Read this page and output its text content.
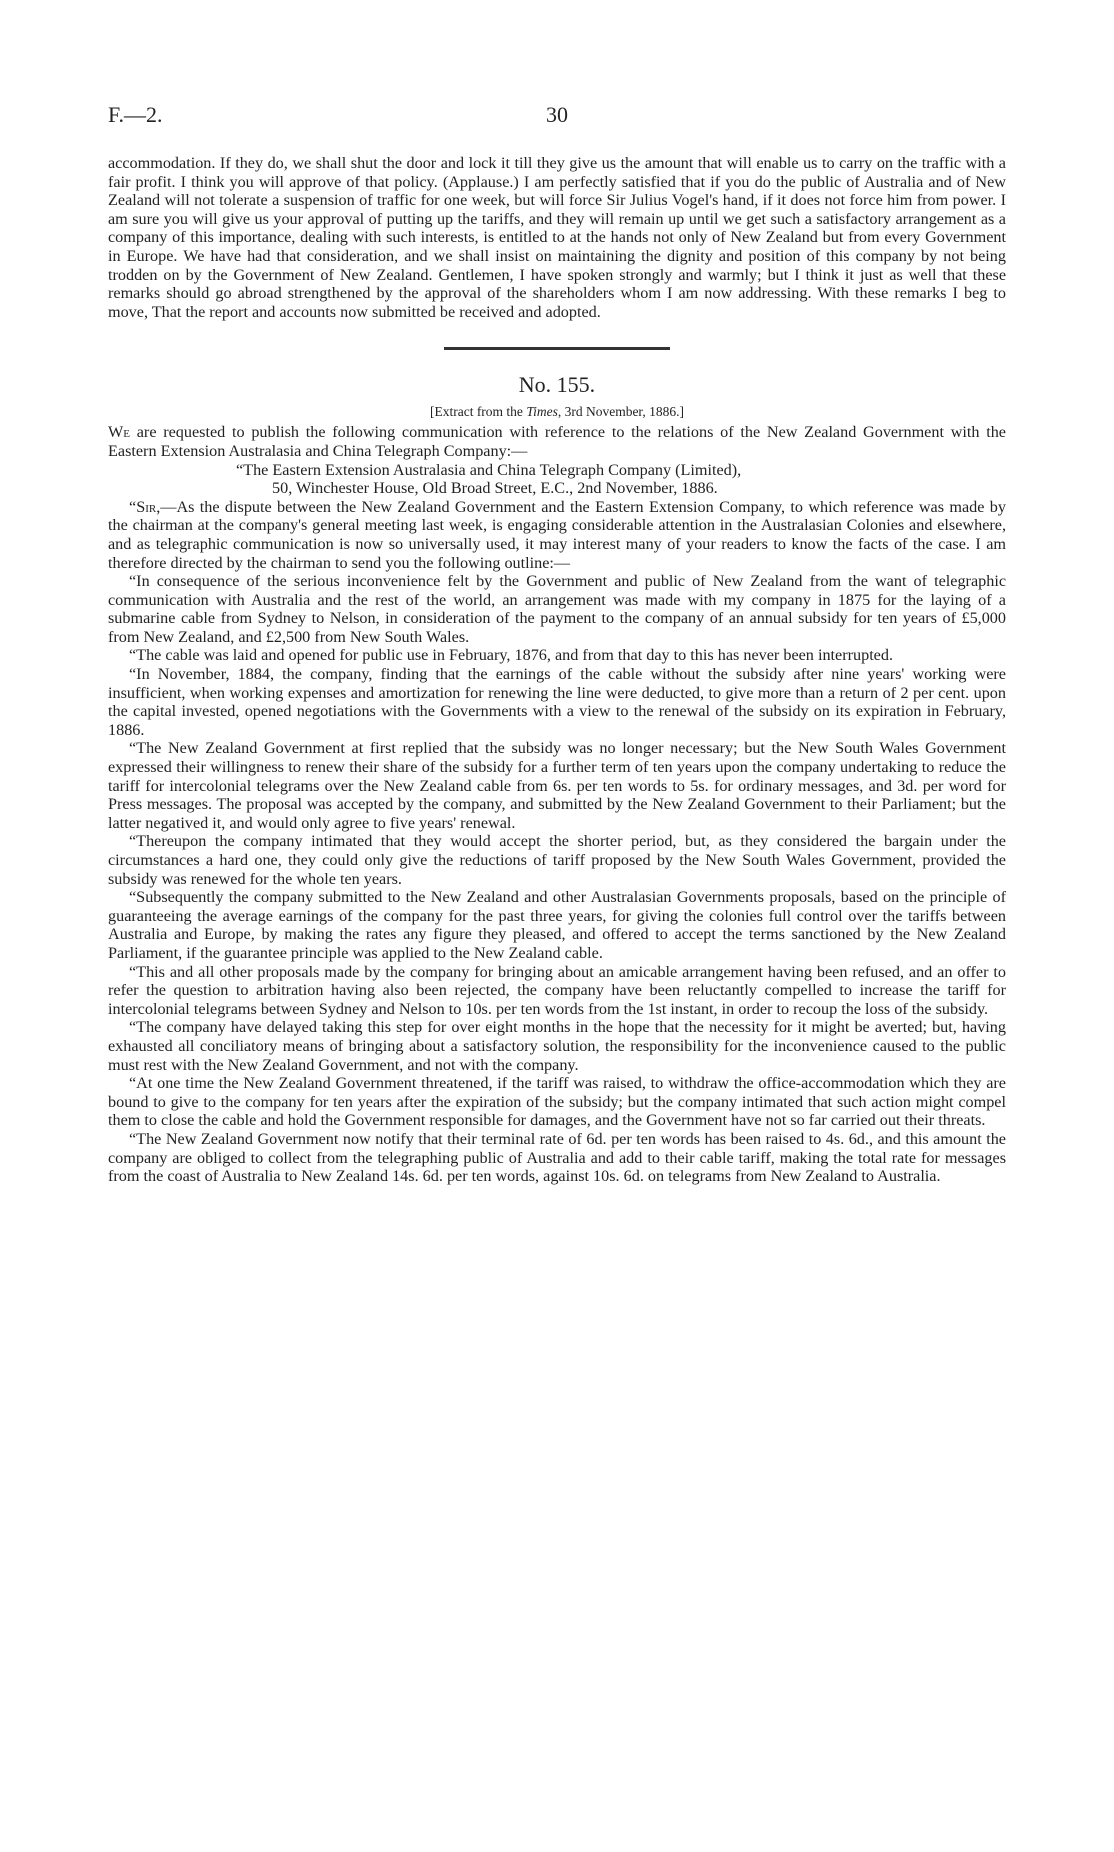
F.—2.	30

accommodation. If they do, we shall shut the door and lock it till they give us the amount that will enable us to carry on the traffic with a fair profit. I think you will approve of that policy. (Applause.) I am perfectly satisfied that if you do the public of Australia and of New Zealand will not tolerate a suspension of traffic for one week, but will force Sir Julius Vogel's hand, if it does not force him from power. I am sure you will give us your approval of putting up the tariffs, and they will remain up until we get such a satisfactory arrangement as a company of this importance, dealing with such interests, is entitled to at the hands not only of New Zealand but from every Government in Europe. We have had that consideration, and we shall insist on maintaining the dignity and position of this company by not being trodden on by the Government of New Zealand. Gentlemen, I have spoken strongly and warmly; but I think it just as well that these remarks should go abroad strengthened by the approval of the shareholders whom I am now addressing. With these remarks I beg to move, That the report and accounts now submitted be received and adopted.

No. 155.
[Extract from the Times, 3rd November, 1886.]

We are requested to publish the following communication with reference to the relations of the New Zealand Government with the Eastern Extension Australasia and China Telegraph Company:—

“The Eastern Extension Australasia and China Telegraph Company (Limited),

50, Winchester House, Old Broad Street, E.C., 2nd November, 1886.

“Sir,—As the dispute between the New Zealand Government and the Eastern Extension Company, to which reference was made by the chairman at the company's general meeting last week, is engaging considerable attention in the Australasian Colonies and elsewhere, and as telegraphic communication is now so universally used, it may interest many of your readers to know the facts of the case. I am therefore directed by the chairman to send you the following outline:—

“In consequence of the serious inconvenience felt by the Government and public of New Zealand from the want of telegraphic communication with Australia and the rest of the world, an arrangement was made with my company in 1875 for the laying of a submarine cable from Sydney to Nelson, in consideration of the payment to the company of an annual subsidy for ten years of £5,000 from New Zealand, and £2,500 from New South Wales.

“The cable was laid and opened for public use in February, 1876, and from that day to this has never been interrupted.

“In November, 1884, the company, finding that the earnings of the cable without the subsidy after nine years' working were insufficient, when working expenses and amortization for renewing the line were deducted, to give more than a return of 2 per cent. upon the capital invested, opened negotiations with the Governments with a view to the renewal of the subsidy on its expiration in February, 1886.

“The New Zealand Government at first replied that the subsidy was no longer necessary; but the New South Wales Government expressed their willingness to renew their share of the subsidy for a further term of ten years upon the company undertaking to reduce the tariff for intercolonial telegrams over the New Zealand cable from 6s. per ten words to 5s. for ordinary messages, and 3d. per word for Press messages. The proposal was accepted by the company, and submitted by the New Zealand Government to their Parliament; but the latter negatived it, and would only agree to five years' renewal.

“Thereupon the company intimated that they would accept the shorter period, but, as they considered the bargain under the circumstances a hard one, they could only give the reductions of tariff proposed by the New South Wales Government, provided the subsidy was renewed for the whole ten years.

“Subsequently the company submitted to the New Zealand and other Australasian Governments proposals, based on the principle of guaranteeing the average earnings of the company for the past three years, for giving the colonies full control over the tariffs between Australia and Europe, by making the rates any figure they pleased, and offered to accept the terms sanctioned by the New Zealand Parliament, if the guarantee principle was applied to the New Zealand cable.

“This and all other proposals made by the company for bringing about an amicable arrangement having been refused, and an offer to refer the question to arbitration having also been rejected, the company have been reluctantly compelled to increase the tariff for intercolonial telegrams between Sydney and Nelson to 10s. per ten words from the 1st instant, in order to recoup the loss of the subsidy.

“The company have delayed taking this step for over eight months in the hope that the necessity for it might be averted; but, having exhausted all conciliatory means of bringing about a satisfactory solution, the responsibility for the inconvenience caused to the public must rest with the New Zealand Government, and not with the company.

“At one time the New Zealand Government threatened, if the tariff was raised, to withdraw the office-accommodation which they are bound to give to the company for ten years after the expiration of the subsidy; but the company intimated that such action might compel them to close the cable and hold the Government responsible for damages, and the Government have not so far carried out their threats.

“The New Zealand Government now notify that their terminal rate of 6d. per ten words has been raised to 4s. 6d., and this amount the company are obliged to collect from the telegraphing public of Australia and add to their cable tariff, making the total rate for messages from the coast of Australia to New Zealand 14s. 6d. per ten words, against 10s. 6d. on telegrams from New Zealand to Australia.
